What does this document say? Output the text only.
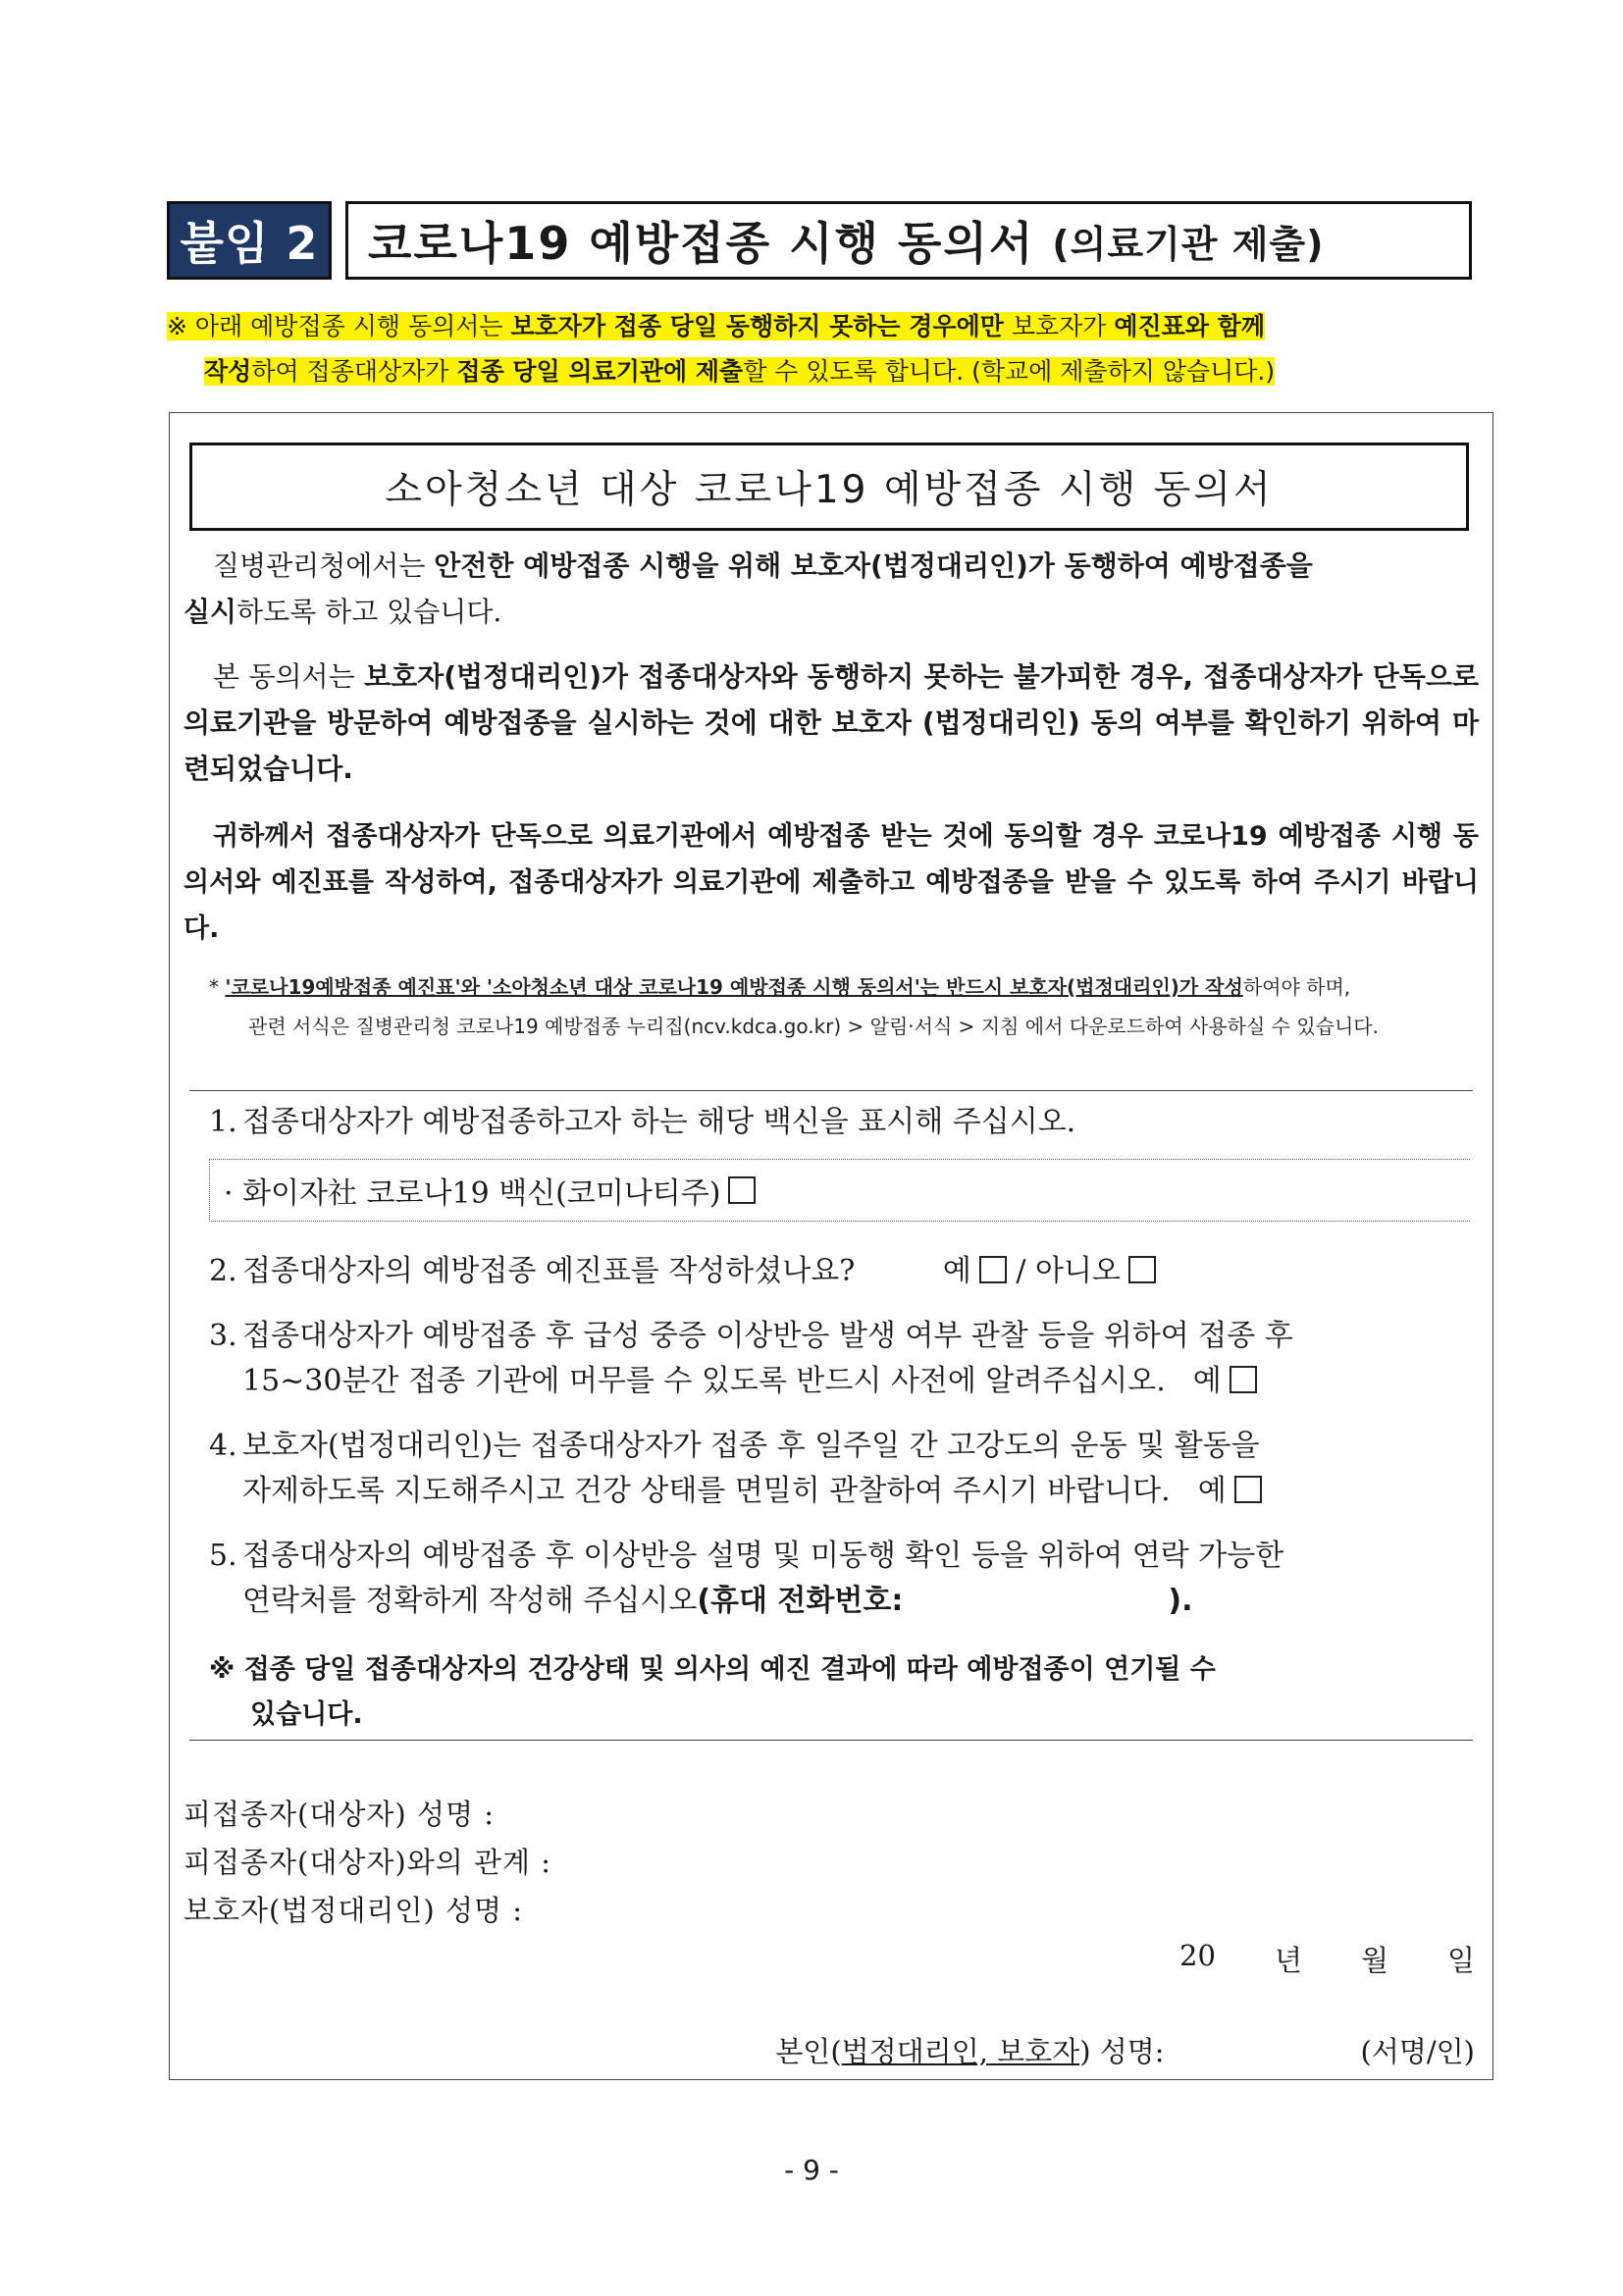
붙임 2 코로나19 예방접종 시행 동의서 (의료기관 제출)
※ 아래 예방접종 시행 동의서는 보호자가 접종 당일 동행하지 못하는 경우에만 보호자가 예진표와 함께
작성하여 접종대상자가 접종 당일 의료기관에 제출할 수 있도록 합니다. (학교에 제출하지 않습니다.)
소아청소년 대상 코로나19 예방접종 시행 동의서
질병관리청에서는 안전한 예방접종 시행을 위해 보호자(법정대리인)가 동행하여 예방접종을
실시하도록 하고 있습니다.
본 동의서는 보호자(법정대리인)가 접종대상자와 동행하지 못하는 불가피한 경우, 접종대상자가 단독으로 의료기관을 방문하여 예방접종을 실시하는 것에 대한 보호자 (법정대리인) 동의 여부를 확인하기 위하여 마련되었습니다.
귀하께서 접종대상자가 단독으로 의료기관에서 예방접종 받는 것에 동의할 경우 코로나19 예방접종 시행 동의서와 예진표를 작성하여, 접종대상자가 의료기관에 제출하고 예방접종을 받을 수 있도록 하여 주시기 바랍니다.
* '코로나19예방접종 예진표'와 '소아청소년 대상 코로나19 예방접종 시행 동의서'는 반드시 보호자(법정대리인)가 작성하여야 하며,
관련 서식은 질병관리청 코로나19 예방접종 누리집(ncv.kdca.go.kr) > 알림·서식 > 지침 에서 다운로드하여 사용하실 수 있습니다.
1. 접종대상자가 예방접종하고자 하는 해당 백신을 표시해 주십시오.
· 화이자社 코로나19 백신(코미나티주)
2. 접종대상자의 예방접종 예진표를 작성하셨나요?	예 / 아니오
3. 접종대상자가 예방접종 후 급성 중증 이상반응 발생 여부 관찰 등을 위하여 접종 후
15~30분간 접종 기관에 머무를 수 있도록 반드시 사전에 알려주십시오. 예
4. 보호자(법정대리인)는 접종대상자가 접종 후 일주일 간 고강도의 운동 및 활동을
자제하도록 지도해주시고 건강 상태를 면밀히 관찰하여 주시기 바랍니다. 예
5. 접종대상자의 예방접종 후 이상반응 설명 및 미동행 확인 등을 위하여 연락 가능한
연락처를 정확하게 작성해 주십시오(휴대 전화번호:	).
※ 접종 당일 접종대상자의 건강상태 및 의사의 예진 결과에 따라 예방접종이 연기될 수
있습니다.
피접종자(대상자) 성명 :
피접종자(대상자)와의 관계 :
보호자(법정대리인) 성명 :
20 년 월 일
본인( 법정대리인, 보호자 ) 성명:	(서명/인)
- 9 -
